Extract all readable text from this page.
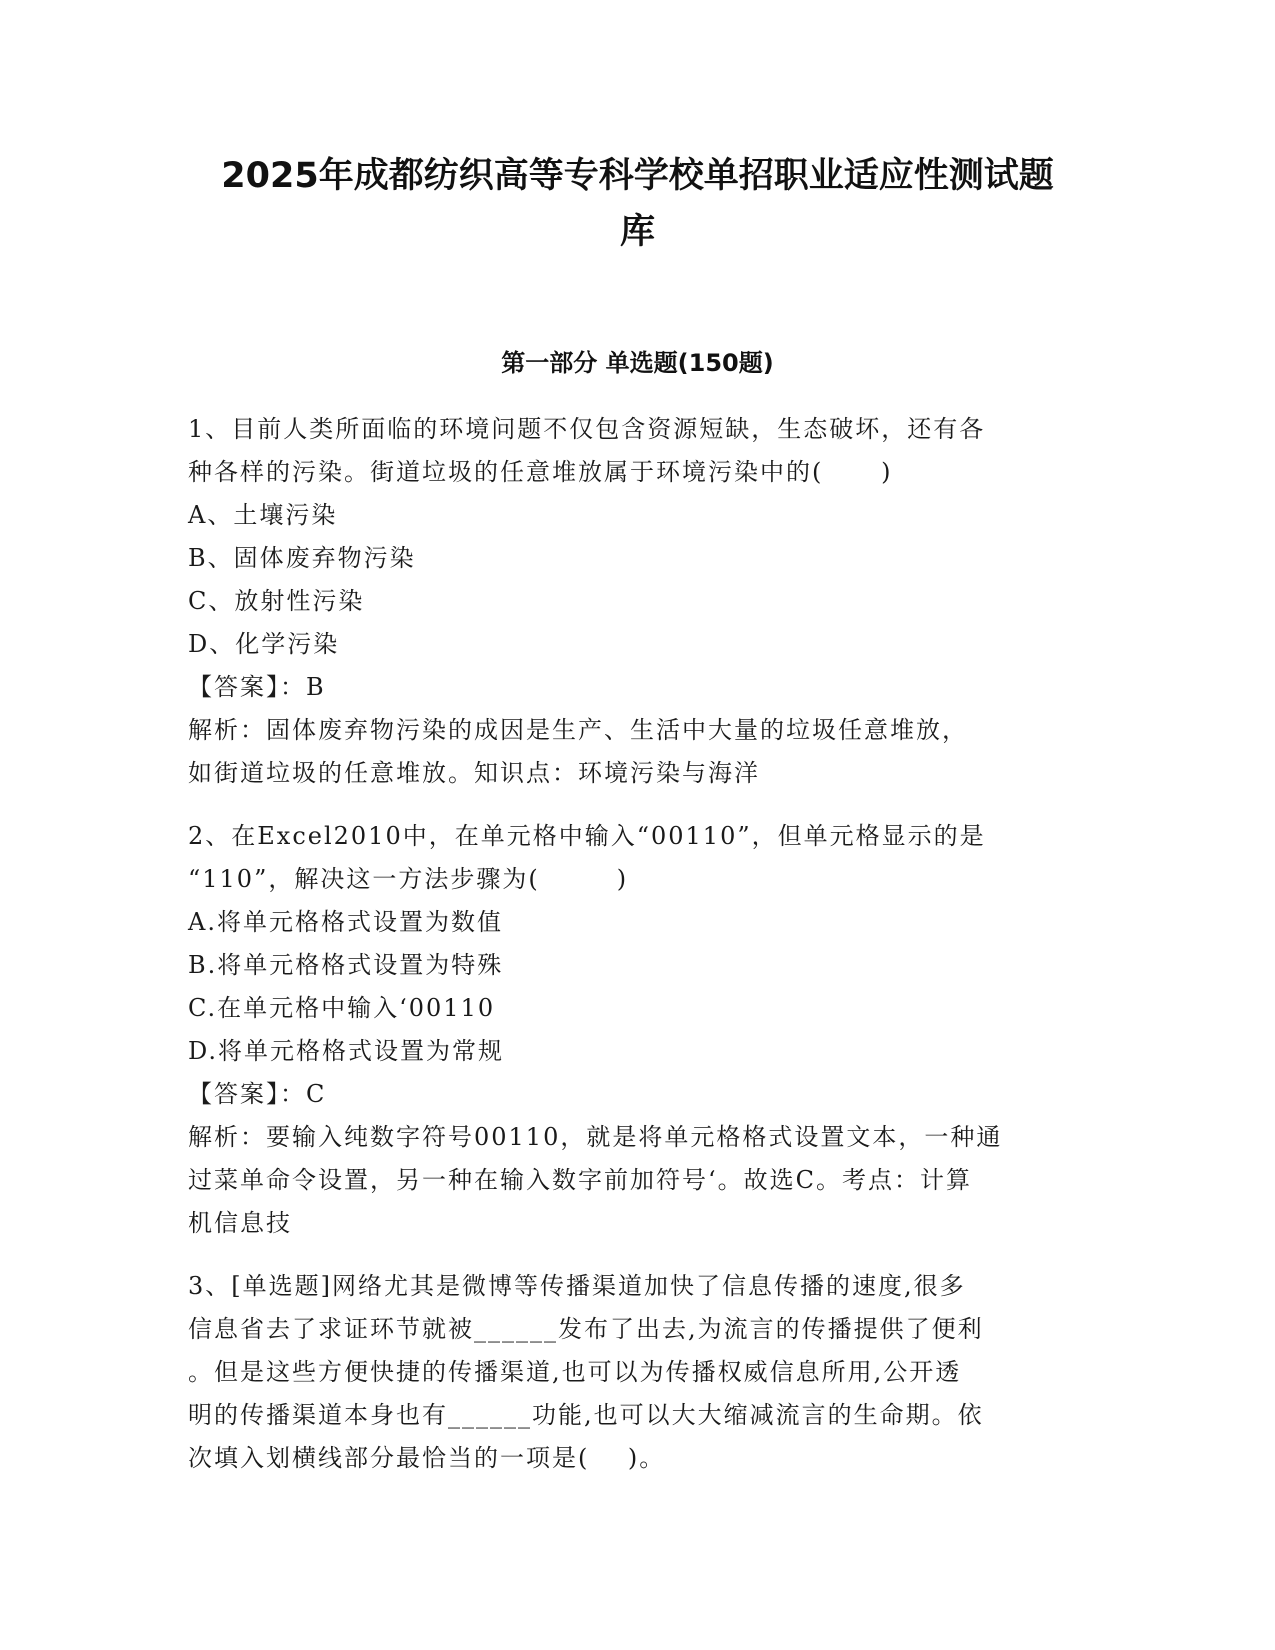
2025年成都纺织高等专科学校单招职业适应性测试题
库
第一部分 单选题(150题)
1、目前人类所面临的环境问题不仅包含资源短缺，生态破坏，还有各
种各样的污染。街道垃圾的任意堆放属于环境污染中的(      )
A、土壤污染
B、固体废弃物污染
C、放射性污染
D、化学污染
【答案】：B
解析：固体废弃物污染的成因是生产、生活中大量的垃圾任意堆放，
如街道垃圾的任意堆放。知识点：环境污染与海洋
2、在Excel2010中，在单元格中输入“00110”，但单元格显示的是
“110”，解决这一方法步骤为(        )
A.将单元格格式设置为数值
B.将单元格格式设置为特殊
C.在单元格中输入‘00110
D.将单元格格式设置为常规
【答案】：C
解析：要输入纯数字符号00110，就是将单元格格式设置文本，一种通
过菜单命令设置，另一种在输入数字前加符号‘。故选C。考点：计算
机信息技
3、[单选题]网络尤其是微博等传播渠道加快了信息传播的速度,很多
信息省去了求证环节就被______发布了出去,为流言的传播提供了便利
。但是这些方便快捷的传播渠道,也可以为传播权威信息所用,公开透
明的传播渠道本身也有______功能,也可以大大缩减流言的生命期。依
次填入划横线部分最恰当的一项是(    )。
